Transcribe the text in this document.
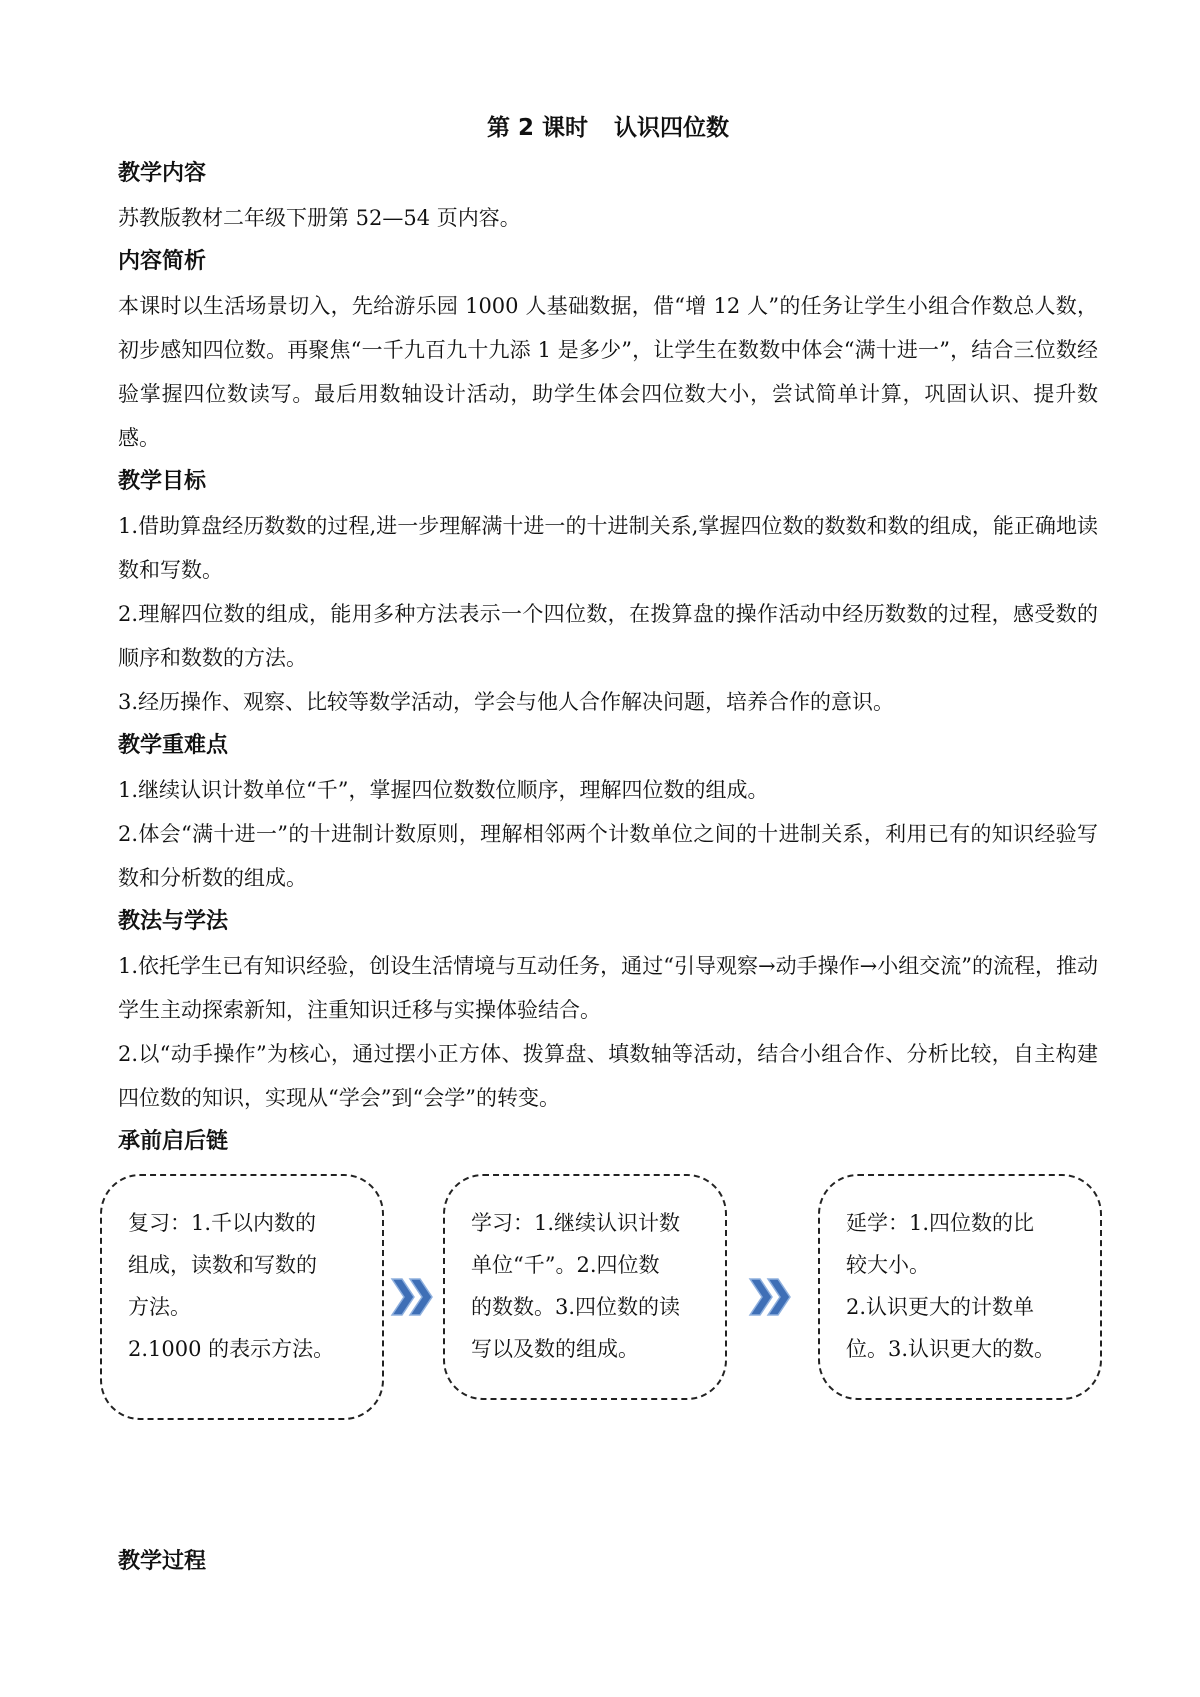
第 2 课时 认识四位数
教学内容
苏教版教材二年级下册第 52—54 页内容。
内容简析
本课时以生活场景切入，先给游乐园 1000 人基础数据，借“增 12 人”的任务让学生小组合作数总人数，初步感知四位数。再聚焦“一千九百九十九添 1 是多少”，让学生在数数中体会“满十进一”，结合三位数经验掌握四位数读写。最后用数轴设计活动，助学生体会四位数大小，尝试简单计算，巩固认识、提升数感。
教学目标
1.借助算盘经历数数的过程,进一步理解满十进一的十进制关系,掌握四位数的数数和数的组成，能正确地读数和写数。
2.理解四位数的组成，能用多种方法表示一个四位数，在拨算盘的操作活动中经历数数的过程，感受数的顺序和数数的方法。
3.经历操作、观察、比较等数学活动，学会与他人合作解决问题，培养合作的意识。
教学重难点
1.继续认识计数单位“千”，掌握四位数数位顺序，理解四位数的组成。
2.体会“满十进一”的十进制计数原则，理解相邻两个计数单位之间的十进制关系，利用已有的知识经验写数和分析数的组成。
教法与学法
1.依托学生已有知识经验，创设生活情境与互动任务，通过“引导观察→动手操作→小组交流”的流程，推动学生主动探索新知，注重知识迁移与实操体验结合。
2.以“动手操作”为核心，通过摆小正方体、拨算盘、填数轴等活动，结合小组合作、分析比较，自主构建四位数的知识，实现从“学会”到“会学”的转变。
承前启后链
复习：1.千以内数的
组成，读数和写数的
方法。
2.1000 的表示方法。
学习：1.继续认识计数
单位“千”。2.四位数
的数数。3.四位数的读
写以及数的组成。
延学：1.四位数的比
较大小。
2.认识更大的计数单
位。3.认识更大的数。
教学过程
